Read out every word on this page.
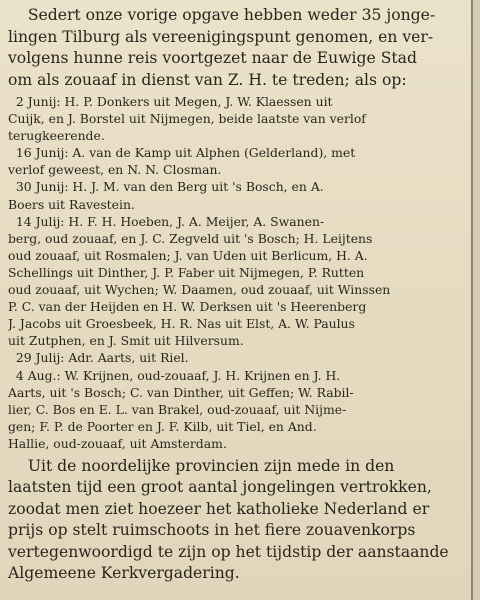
Sedert onze vorige opgave hebben weder 35 jonge-
lingen Tilburg als vereenigingspunt genomen, en ver-
volgens hunne reis voortgezet naar de Euwige Stad
om als zouaaf in dienst van Z. H. te treden; als op:
2 Junij: H. P. Donkers uit Megen, J. W. Klaessen uit
Cuijk, en J. Borstel uit Nijmegen, beide laatste van verlof
terugkeerende.
16 Junij: A. van de Kamp uit Alphen (Gelderland), met
verlof geweest, en N. N. Closman.
30 Junij: H. J. M. van den Berg uit 's Bosch, en A.
Boers uit Ravestein.
14 Julij: H. F. H. Hoeben, J. A. Meijer, A. Swanen-
berg, oud zouaaf, en J. C. Zegveld uit 's Bosch; H. Leijtens
oud zouaaf, uit Rosmalen; J. van Uden uit Berlicum, H. A.
Schellings uit Dinther, J. P. Faber uit Nijmegen, P. Rutten
oud zouaaf, uit Wychen; W. Daamen, oud zouaaf, uit Winssen
P. C. van der Heijden en H. W. Derksen uit 's Heerenberg
J. Jacobs uit Groesbeek, H. R. Nas uit Elst, A. W. Paulus
uit Zutphen, en J. Smit uit Hilversum.
29 Julij: Adr. Aarts, uit Riel.
4 Aug.: W. Krijnen, oud-zouaaf, J. H. Krijnen en J. H.
Aarts, uit 's Bosch; C. van Dinther, uit Geffen; W. Rabil-
lier, C. Bos en E. L. van Brakel, oud-zouaaf, uit Nijme-
gen; F. P. de Poorter en J. F. Kilb, uit Tiel, en And.
Hallie, oud-zouaaf, uit Amsterdam.
Uit de noordelijke provincien zijn mede in den
laatsten tijd een groot aantal jongelingen vertrokken,
zoodat men ziet hoezeer het katholieke Nederland er
prijs op stelt ruimschoots in het fiere zouavenkorps
vertegenwoordigd te zijn op het tijdstip der aanstaande
Algemeene Kerkvergadering.
